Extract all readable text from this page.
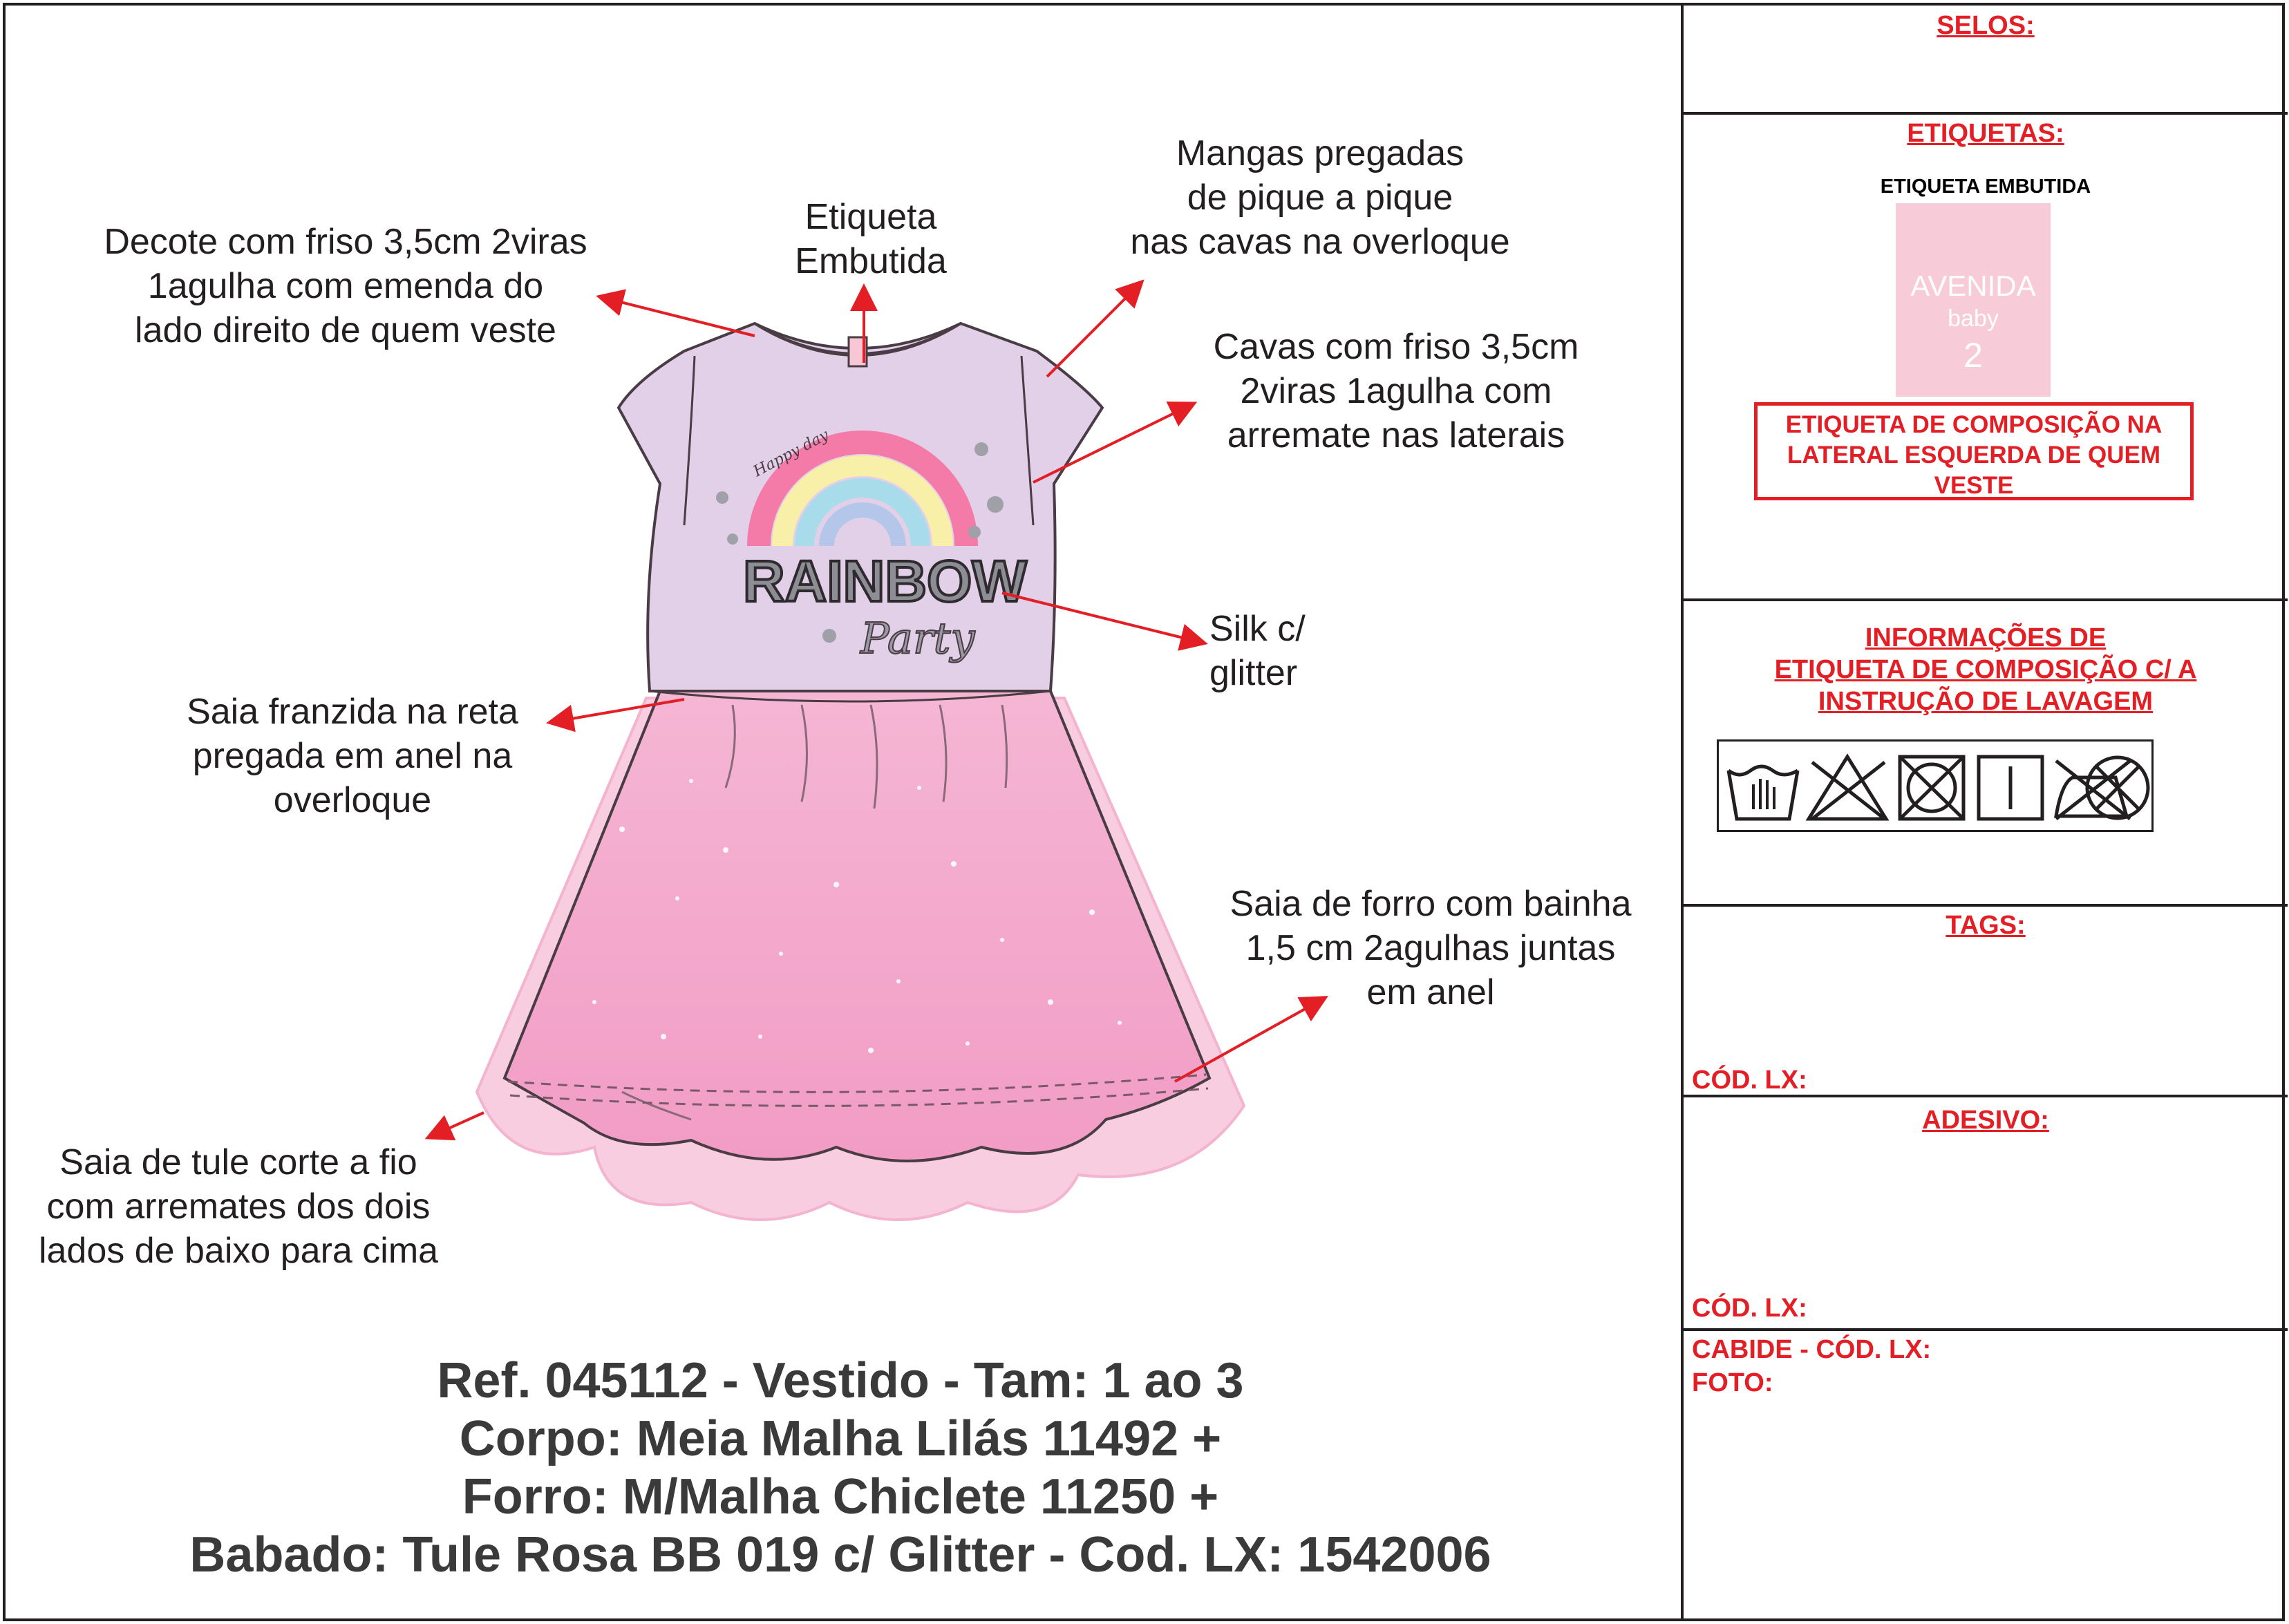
Happy day
RAINBOW
Party
Decote com friso 3,5cm 2viras
1agulha com emenda do
lado direito de quem veste
Etiqueta
Embutida
Mangas pregadas
de pique a pique
nas cavas na overloque
Cavas com friso 3,5cm
2viras 1agulha com
arremate nas laterais
Silk c/
glitter
Saia franzida na reta
pregada em anel na
overloque
Saia de forro com bainha
1,5 cm 2agulhas juntas
em anel
Saia de tule corte a fio
com arremates dos dois
lados de baixo para cima
Ref. 045112 - Vestido - Tam: 1 ao 3
Corpo: Meia Malha Lilás 11492 +
Forro: M/Malha Chiclete 11250 +
Babado: Tule Rosa BB 019 c/ Glitter - Cod. LX: 1542006
SELOS:
ETIQUETAS:
ETIQUETA EMBUTIDA
AVENIDA
baby
2
ETIQUETA DE COMPOSIÇÃO NA
LATERAL ESQUERDA DE QUEM
VESTE
INFORMAÇÕES DE
ETIQUETA DE COMPOSIÇÃO C/ A
INSTRUÇÃO DE LAVAGEM
TAGS:
CÓD. LX:
ADESIVO:
CÓD. LX:
CABIDE - CÓD. LX:
FOTO:
